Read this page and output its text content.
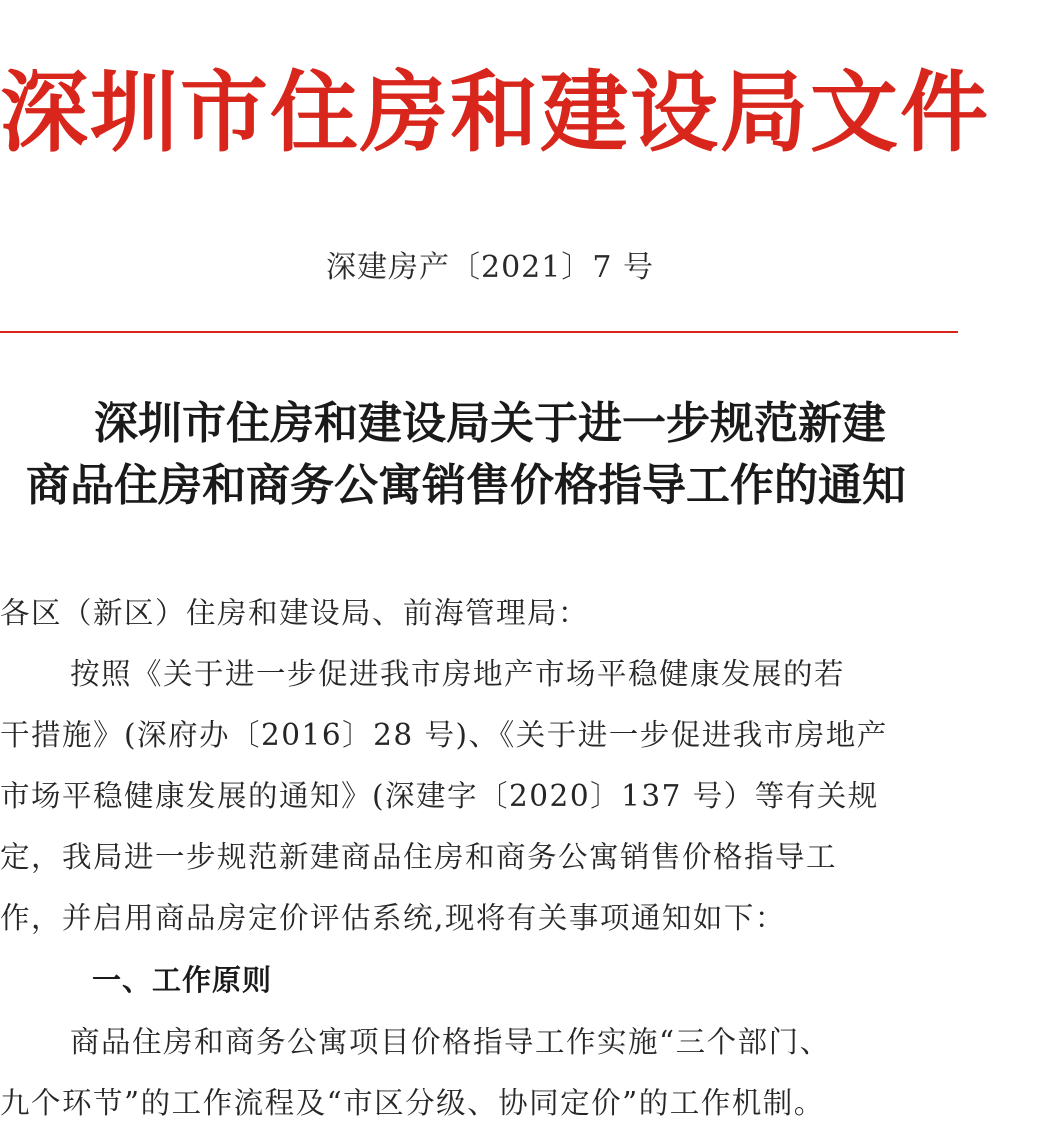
深圳市住房和建设局文件
深建房产〔2021〕7 号
深圳市住房和建设局关于进一步规范新建
商品住房和商务公寓销售价格指导工作的通知
各区（新区）住房和建设局、前海管理局：
按照《关于进一步促进我市房地产市场平稳健康发展的若
干措施》(深府办〔2016〕28 号)、《关于进一步促进我市房地产
市场平稳健康发展的通知》(深建字〔2020〕137 号）等有关规
定，我局进一步规范新建商品住房和商务公寓销售价格指导工
作，并启用商品房定价评估系统,现将有关事项通知如下：
一、工作原则
商品住房和商务公寓项目价格指导工作实施“三个部门、
九个环节”的工作流程及“市区分级、协同定价”的工作机制。
